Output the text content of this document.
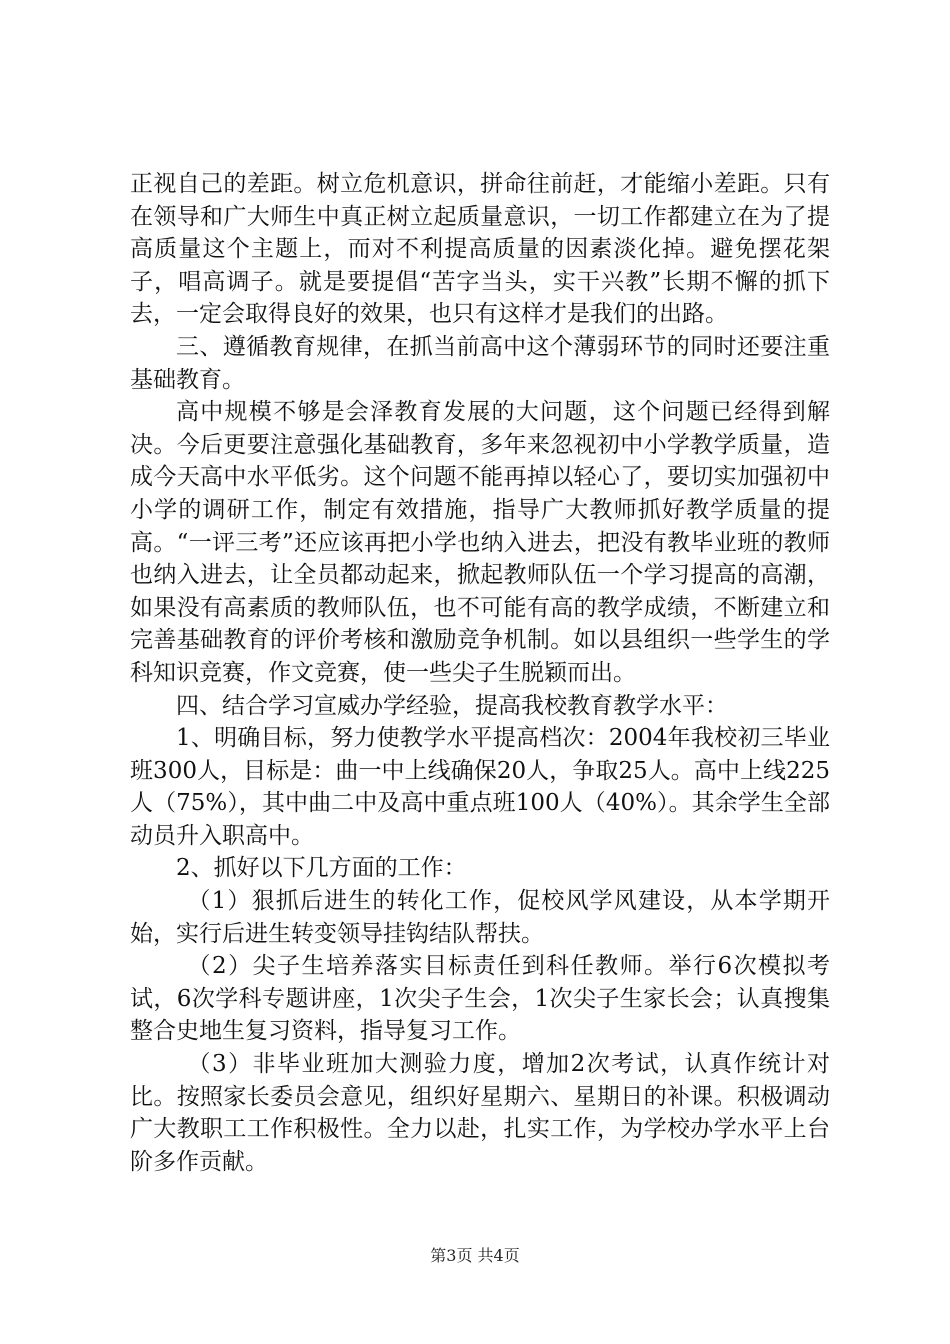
正视自己的差距。树立危机意识，拼命往前赶，才能缩小差距。只有在领导和广大师生中真正树立起质量意识，一切工作都建立在为了提高质量这个主题上，而对不利提高质量的因素淡化掉。避免摆花架子，唱高调子。就是要提倡“苦字当头，实干兴教”长期不懈的抓下去，一定会取得良好的效果，也只有这样才是我们的出路。

三、遵循教育规律，在抓当前高中这个薄弱环节的同时还要注重基础教育。

高中规模不够是会泽教育发展的大问题，这个问题已经得到解决。今后更要注意强化基础教育，多年来忽视初中小学教学质量，造成今天高中水平低劣。这个问题不能再掉以轻心了，要切实加强初中小学的调研工作，制定有效措施，指导广大教师抓好教学质量的提高。“一评三考”还应该再把小学也纳入进去，把没有教毕业班的教师也纳入进去，让全员都动起来，掀起教师队伍一个学习提高的高潮，如果没有高素质的教师队伍，也不可能有高的教学成绩，不断建立和完善基础教育的评价考核和激励竞争机制。如以县组织一些学生的学科知识竞赛，作文竞赛，使一些尖子生脱颖而出。

四、结合学习宣威办学经验，提高我校教育教学水平：

1、明确目标，努力使教学水平提高档次：2004年我校初三毕业班300人，目标是：曲一中上线确保20人，争取25人。高中上线225人（75%），其中曲二中及高中重点班100人（40%）。其余学生全部动员升入职高中。

2、抓好以下几方面的工作：

（1）狠抓后进生的转化工作，促校风学风建设，从本学期开始，实行后进生转变领导挂钩结队帮扶。

（2）尖子生培养落实目标责任到科任教师。举行6次模拟考试，6次学科专题讲座，1次尖子生会，1次尖子生家长会；认真搜集整合史地生复习资料，指导复习工作。

（3）非毕业班加大测验力度，增加2次考试，认真作统计对比。按照家长委员会意见，组织好星期六、星期日的补课。积极调动广大教职工工作积极性。全力以赴，扎实工作，为学校办学水平上台阶多作贡献。

第3页 共4页
